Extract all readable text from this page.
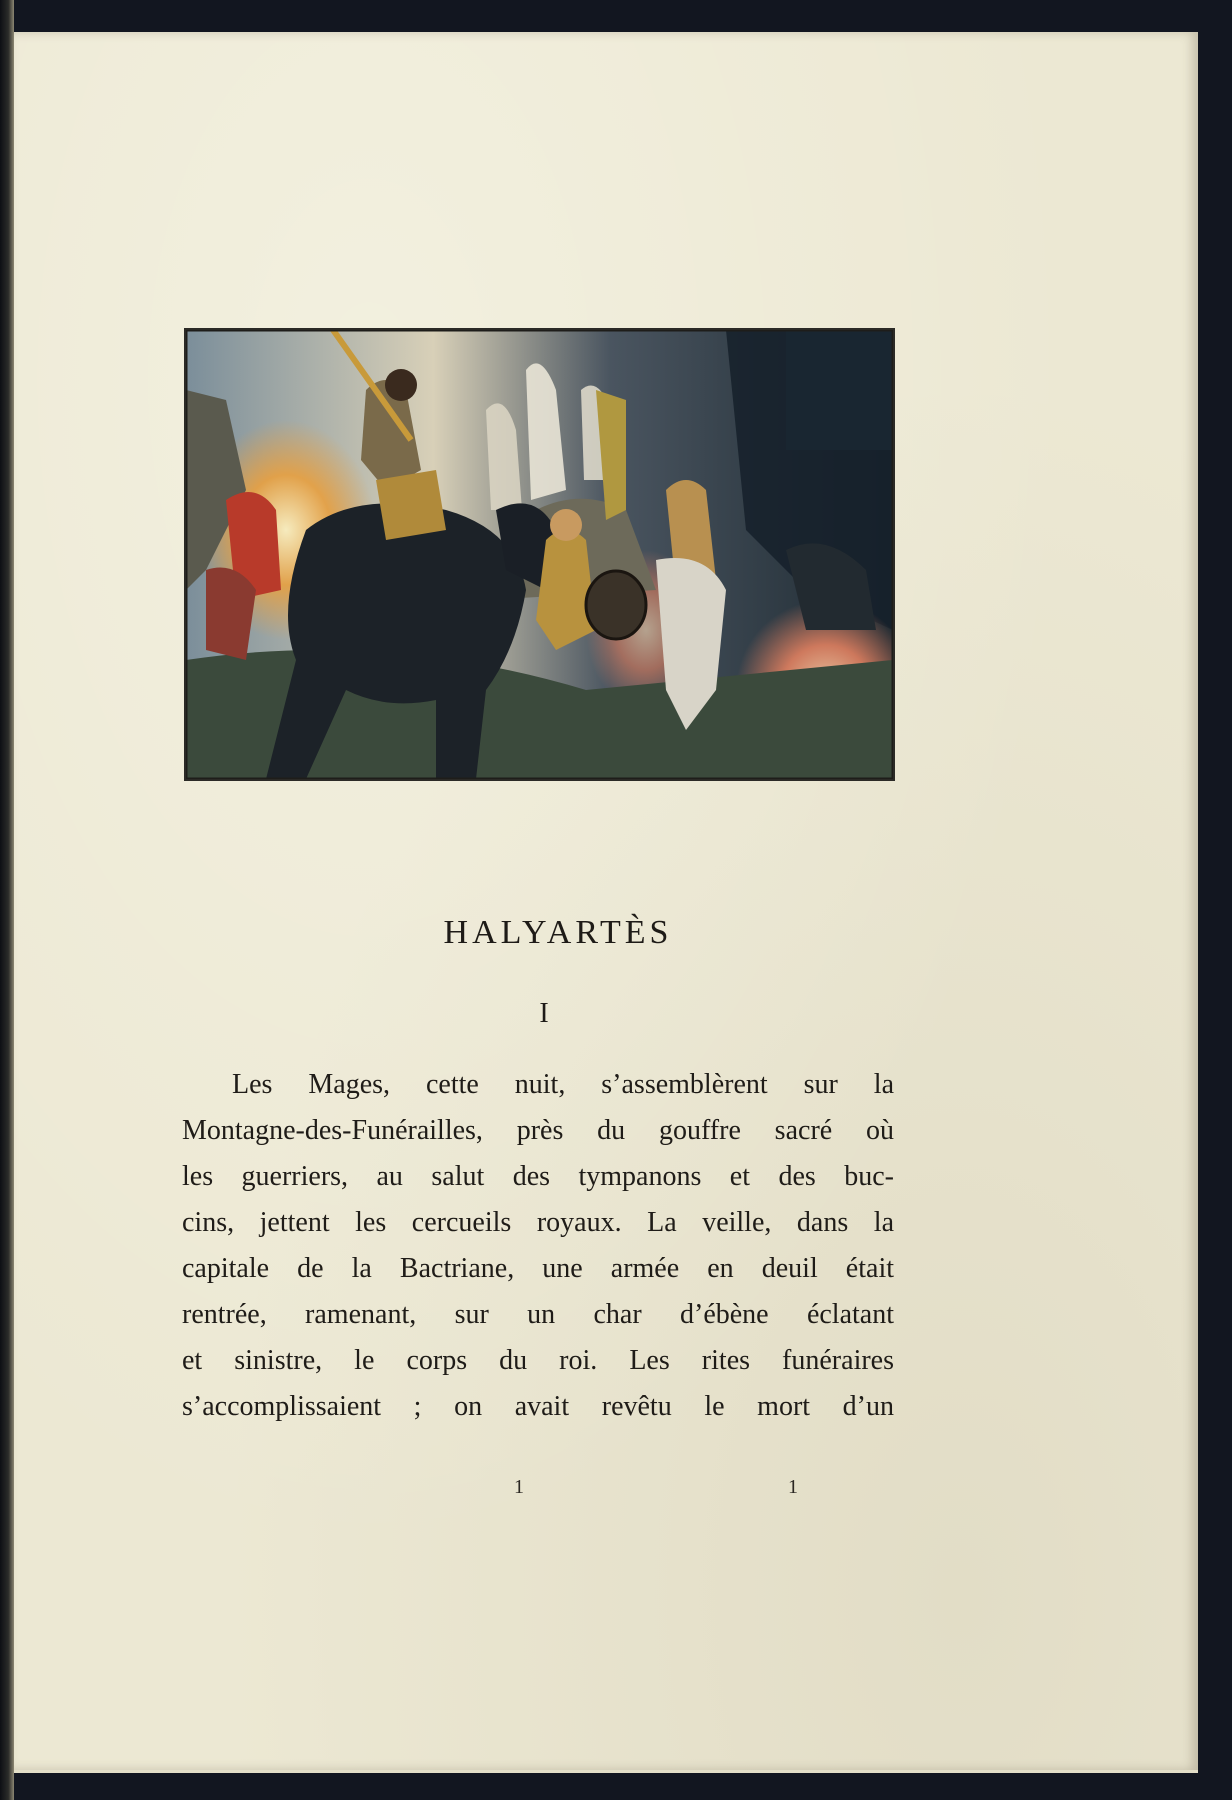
HALYARTÈS
I
Les Mages, cette nuit, s’assemblèrent sur la
Montagne-des-Funérailles, près du gouffre sacré où
les guerriers, au salut des tympanons et des buc-
cins, jettent les cercueils royaux. La veille, dans la
capitale de la Bactriane, une armée en deuil était
rentrée, ramenant, sur un char d’ébène éclatant
et sinistre, le corps du roi. Les rites funéraires
s’accomplissaient ; on avait revêtu le mort d’un
1	1
